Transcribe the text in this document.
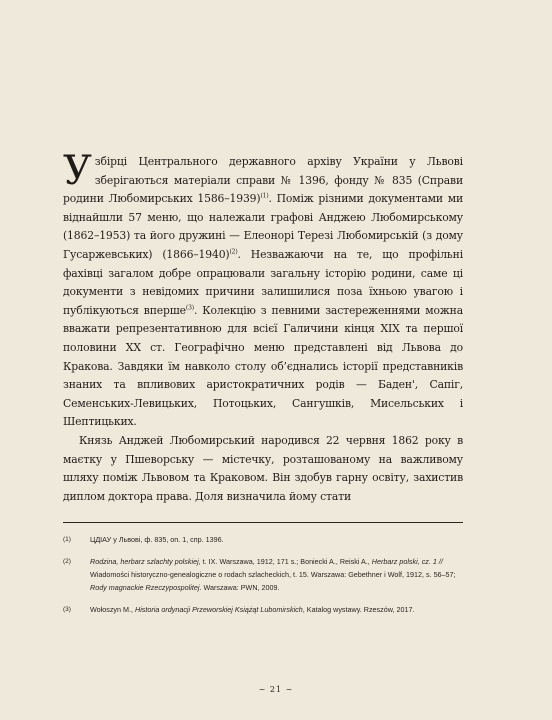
Узбірці Центрального державного архіву України у Львові зберігаються матеріали справи № 1396, фонду № 835 (Справи родини Любомирських 1586–1939)$^{(1)}$. Поміж різними документами ми віднайшли 57 меню, що належали графові Анджею Любомирському (1862–1953) та його дружині — Елеонорі Терезі Любомирській (з дому Гусаржевських) (1866–1940)$^{(2)}$. Незважаючи на те, що профільні фахівці загалом добре опрацювали загальну історію родини, саме ці документи з невідомих причини залишилися поза їхньою увагою і публікуються вперше$^{(3)}$. Колекцію з певними застереженнями можна вважати репрезентативною для всієї Галичини кінця XIX та першої половини XX ст. Географічно меню представлені від Львова до Кракова. Завдяки їм навколо столу об’єднались історії представників знаних та впливових аристократичних родів — Баден', Сапіг, Семенських-Левицьких, Потоцьких, Сангушків, Мисельських і Шептицьких.

Князь Анджей Любомирський народився 22 червня 1862 року в маєтку у Пшеворську — містечку, розташованому на важливому шляху поміж Львовом та Краковом. Він здобув гарну освіту, захистив диплом доктора права. Доля визначила йому стати

(1)	ЦДІАУ у Львові, ф. 835, оп. 1, спр. 1396.
(2)	Rodzina, herbarz szlachty polskiej, t. IX. Warszawa, 1912, 171 s.; Boniecki A., Reiski A., Herbarz polski, cz. 1 // Wiadomości historyczno-genealogiczne o rodach szlacheckich, t. 15. Warszawa: Gebethner i Wolf, 1912, s. 56–57; Rody magnackie Rzeczypospolitej. Warszawa: PWN, 2009.
(3)	Wołoszyn M., Historia ordynacji Przeworskiej Książąt Lubomirskich, Katalog wystawy. Rzeszów, 2017.
~ 21 ~
